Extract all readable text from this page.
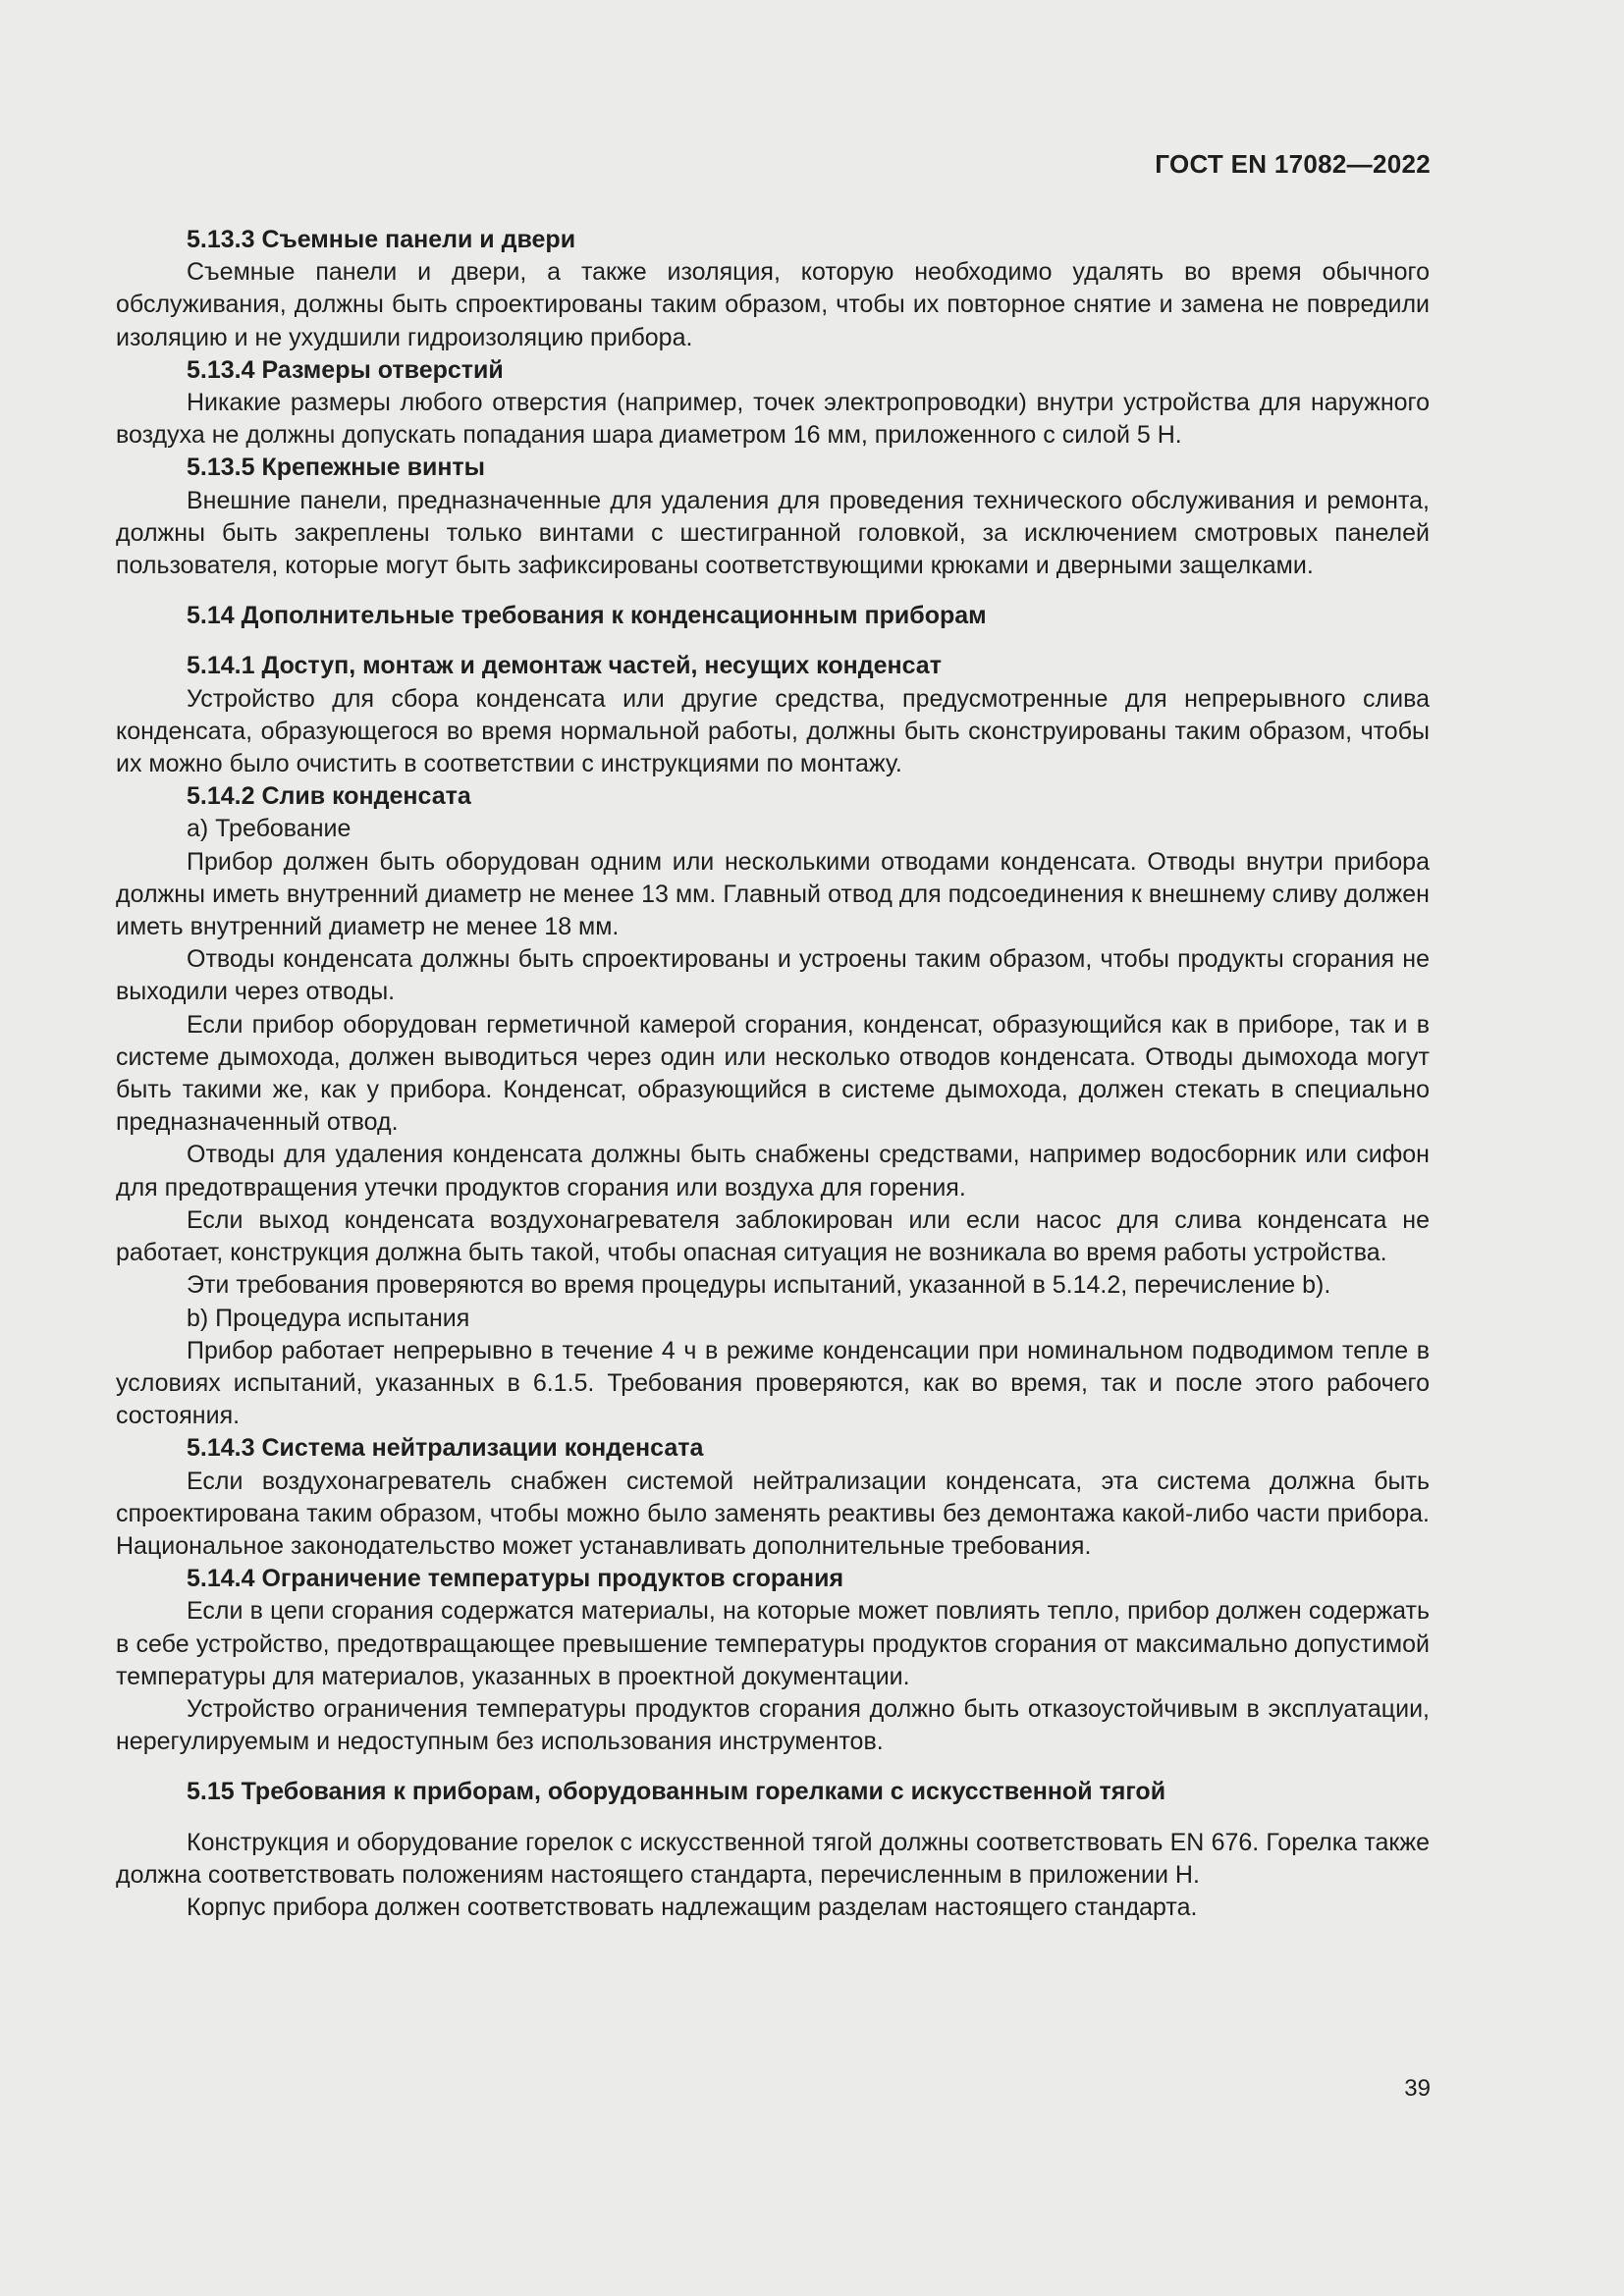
ГОСТ EN 17082—2022

5.13.3 Съемные панели и двери

Съемные панели и двери, а также изоляция, которую необходимо удалять во время обычного обслуживания, должны быть спроектированы таким образом, чтобы их повторное снятие и замена не повредили изоляцию и не ухудшили гидроизоляцию прибора.

5.13.4 Размеры отверстий

Никакие размеры любого отверстия (например, точек электропроводки) внутри устройства для наружного воздуха не должны допускать попадания шара диаметром 16 мм, приложенного с силой 5 Н.

5.13.5 Крепежные винты

Внешние панели, предназначенные для удаления для проведения технического обслуживания и ремонта, должны быть закреплены только винтами с шестигранной головкой, за исключением смотровых панелей пользователя, которые могут быть зафиксированы соответствующими крюками и дверными защелками.

5.14 Дополнительные требования к конденсационным приборам

5.14.1 Доступ, монтаж и демонтаж частей, несущих конденсат

Устройство для сбора конденсата или другие средства, предусмотренные для непрерывного слива конденсата, образующегося во время нормальной работы, должны быть сконструированы таким образом, чтобы их можно было очистить в соответствии с инструкциями по монтажу.

5.14.2 Слив конденсата

а) Требование

Прибор должен быть оборудован одним или несколькими отводами конденсата. Отводы внутри прибора должны иметь внутренний диаметр не менее 13 мм. Главный отвод для подсоединения к внешнему сливу должен иметь внутренний диаметр не менее 18 мм.

Отводы конденсата должны быть спроектированы и устроены таким образом, чтобы продукты сгорания не выходили через отводы.

Если прибор оборудован герметичной камерой сгорания, конденсат, образующийся как в приборе, так и в системе дымохода, должен выводиться через один или несколько отводов конденсата. Отводы дымохода могут быть такими же, как у прибора. Конденсат, образующийся в системе дымохода, должен стекать в специально предназначенный отвод.

Отводы для удаления конденсата должны быть снабжены средствами, например водосборник или сифон для предотвращения утечки продуктов сгорания или воздуха для горения.

Если выход конденсата воздухонагревателя заблокирован или если насос для слива конденсата не работает, конструкция должна быть такой, чтобы опасная ситуация не возникала во время работы устройства.

Эти требования проверяются во время процедуры испытаний, указанной в 5.14.2, перечисление b).

b) Процедура испытания

Прибор работает непрерывно в течение 4 ч в режиме конденсации при номинальном подводимом тепле в условиях испытаний, указанных в 6.1.5. Требования проверяются, как во время, так и после этого рабочего состояния.

5.14.3 Система нейтрализации конденсата

Если воздухонагреватель снабжен системой нейтрализации конденсата, эта система должна быть спроектирована таким образом, чтобы можно было заменять реактивы без демонтажа какой-либо части прибора. Национальное законодательство может устанавливать дополнительные требования.

5.14.4 Ограничение температуры продуктов сгорания

Если в цепи сгорания содержатся материалы, на которые может повлиять тепло, прибор должен содержать в себе устройство, предотвращающее превышение температуры продуктов сгорания от максимально допустимой температуры для материалов, указанных в проектной документации.

Устройство ограничения температуры продуктов сгорания должно быть отказоустойчивым в эксплуатации, нерегулируемым и недоступным без использования инструментов.

5.15 Требования к приборам, оборудованным горелками с искусственной тягой

Конструкция и оборудование горелок с искусственной тягой должны соответствовать EN 676. Горелка также должна соответствовать положениям настоящего стандарта, перечисленным в приложении Н.

Корпус прибора должен соответствовать надлежащим разделам настоящего стандарта.

39
